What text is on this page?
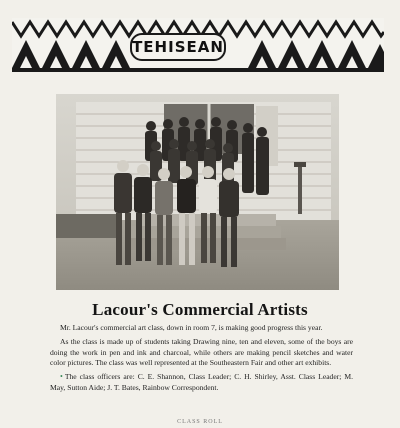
TEHISEAN
Lacour's Commercial Artists

Mr. Lacour's commercial art class, down in room 7, is making good progress this year.

As the class is made up of students taking Drawing nine, ten and eleven, some of the boys are doing the work in pen and ink and charcoal, while others are making pencil sketches and water color pictures. The class was well represented at the Southeastern Fair and other art exhibits.

• The class officers are: C. E. Shannon, Class Leader; C. H. Shirley, Asst. Class Leader; M. May, Sutton Aide; J. T. Bates, Rainbow Correspondent.

CLASS ROLL
